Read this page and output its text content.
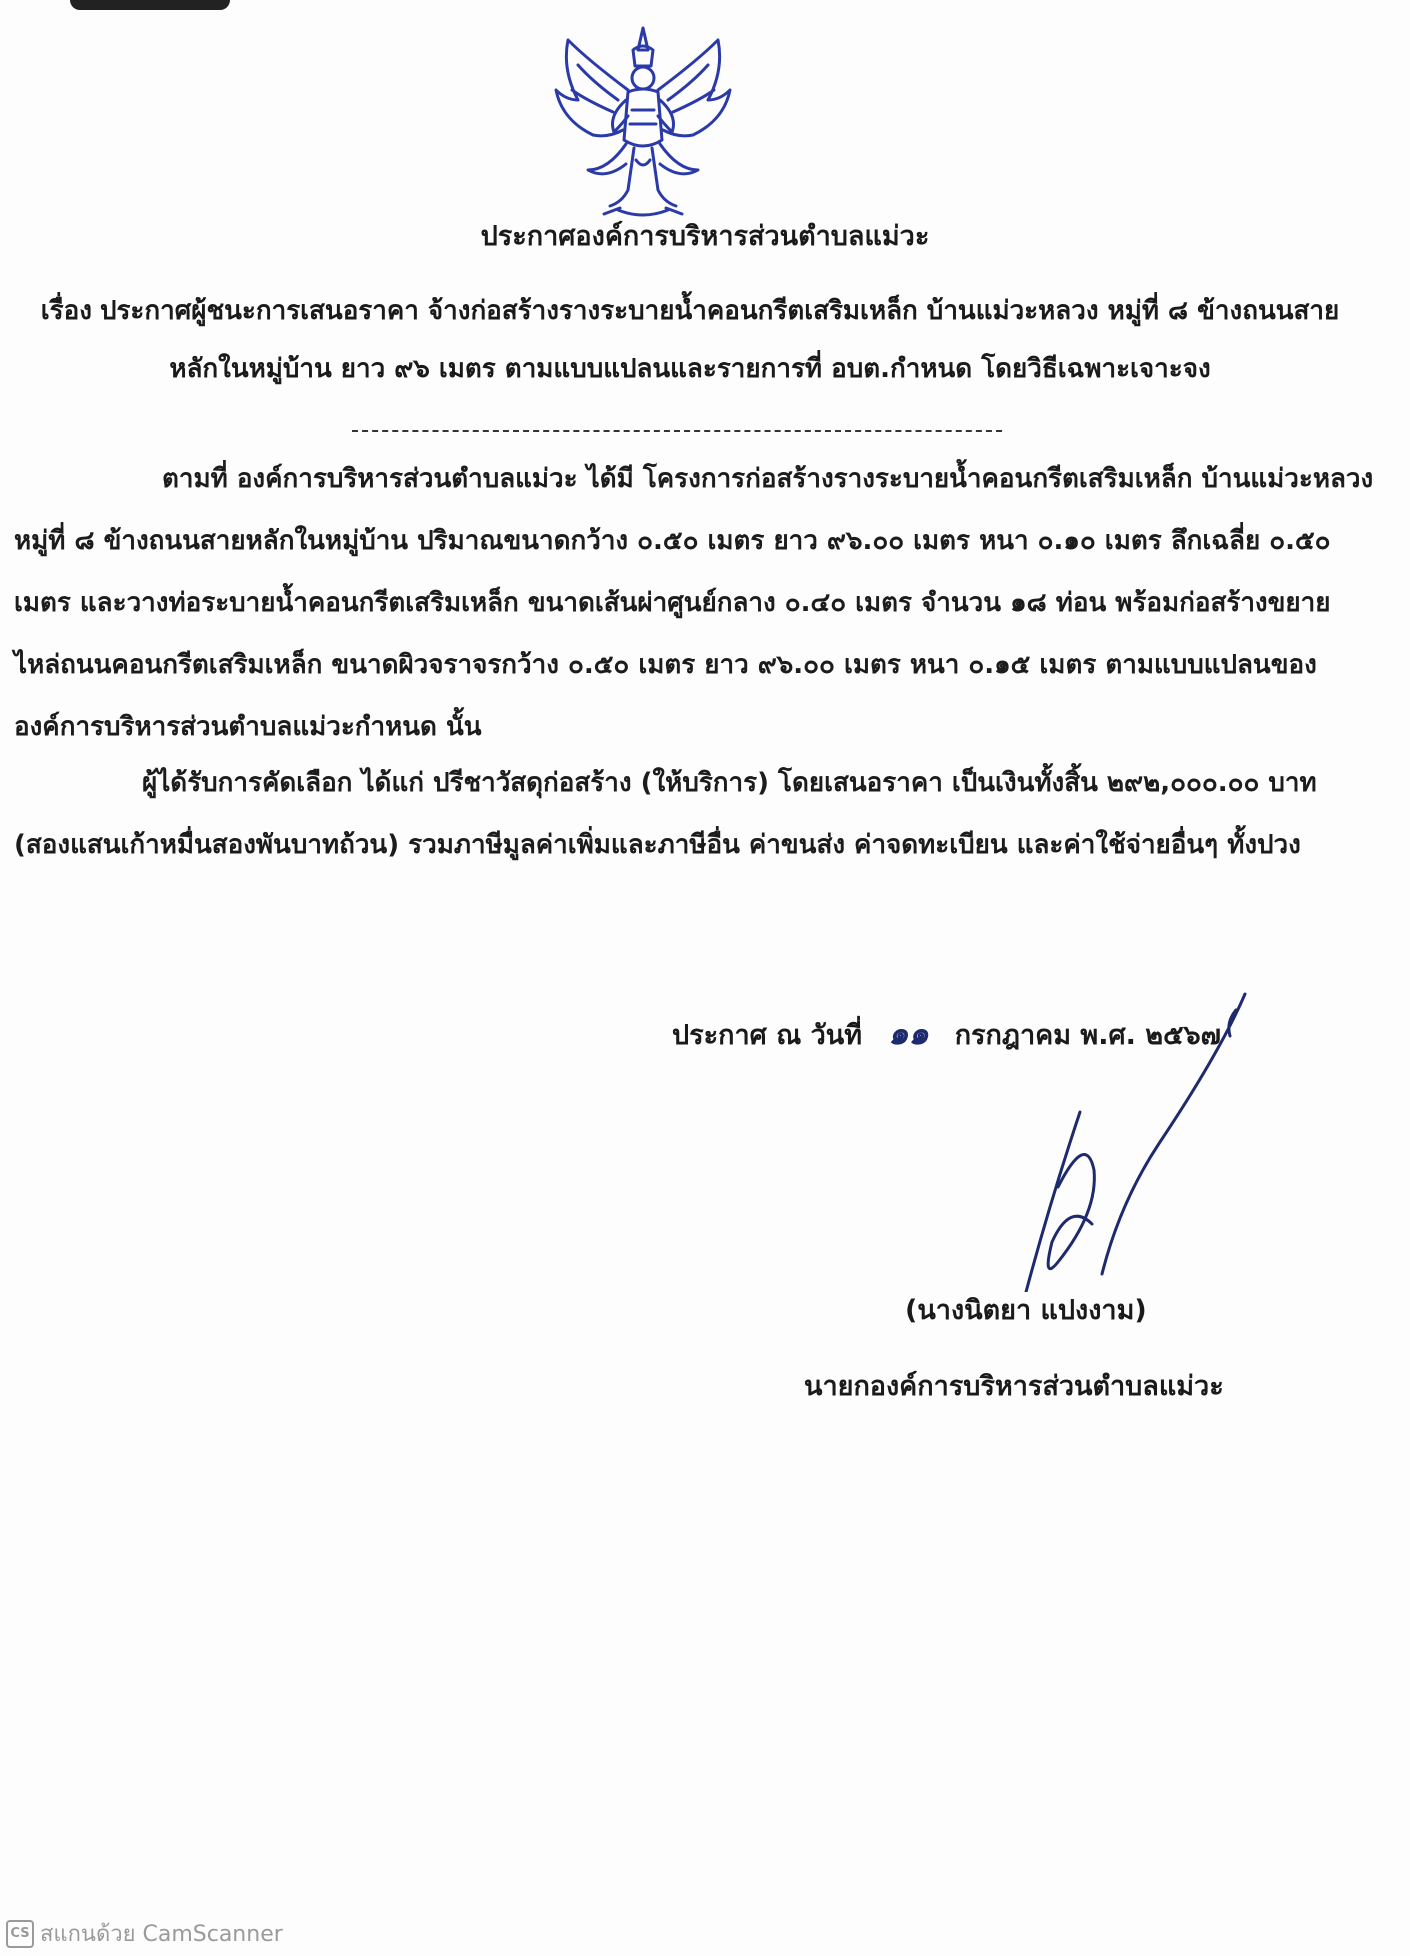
ประกาศองค์การบริหารส่วนตำบลแม่วะ
เรื่อง ประกาศผู้ชนะการเสนอราคา จ้างก่อสร้างรางระบายน้ำคอนกรีตเสริมเหล็ก บ้านแม่วะหลวง หมู่ที่ ๘ ข้างถนนสายหลักในหมู่บ้าน ยาว ๙๖ เมตร ตามแบบแปลนและรายการที่ อบต.กำหนด โดยวิธีเฉพาะเจาะจง
ตามที่ องค์การบริหารส่วนตำบลแม่วะ ได้มี โครงการก่อสร้างรางระบายน้ำคอนกรีตเสริมเหล็ก บ้านแม่วะหลวง หมู่ที่ ๘ ข้างถนนสายหลักในหมู่บ้าน ปริมาณขนาดกว้าง ๐.๕๐ เมตร ยาว ๙๖.๐๐ เมตร หนา ๐.๑๐ เมตร ลึกเฉลี่ย ๐.๕๐ เมตร และวางท่อระบายน้ำคอนกรีตเสริมเหล็ก ขนาดเส้นผ่าศูนย์กลาง ๐.๔๐ เมตร จำนวน ๑๘ ท่อน พร้อมก่อสร้างขยายไหล่ถนนคอนกรีตเสริมเหล็ก ขนาดผิวจราจรกว้าง ๐.๕๐ เมตร ยาว ๙๖.๐๐ เมตร หนา ๐.๑๕ เมตร ตามแบบแปลนขององค์การบริหารส่วนตำบลแม่วะกำหนด นั้น
ผู้ได้รับการคัดเลือก ได้แก่ ปรีชาวัสดุก่อสร้าง (ให้บริการ) โดยเสนอราคา เป็นเงินทั้งสิ้น ๒๙๒,๐๐๐.๐๐ บาท (สองแสนเก้าหมื่นสองพันบาทถ้วน) รวมภาษีมูลค่าเพิ่มและภาษีอื่น ค่าขนส่ง ค่าจดทะเบียน และค่าใช้จ่ายอื่นๆ ทั้งปวง
ประกาศ ณ วันที่ ๑๑ กรกฎาคม พ.ศ. ๒๕๖๗
(นางนิตยา แปงงาม)
นายกองค์การบริหารส่วนตำบลแม่วะ
CS สแกนด้วย CamScanner
